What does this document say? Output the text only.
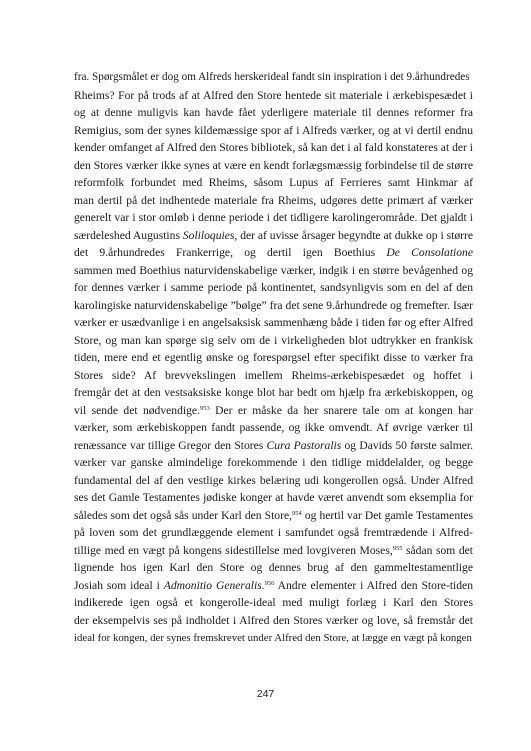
fra. Spørgsmålet er dog om Alfreds herskerideal fandt sin inspiration i det 9.århundredes
Rheims? For på trods af at Alfred den Store hentede sit materiale i ærkebispesædet i
og at denne muligvis kan havde fået yderligere materiale til dennes reformer fra
Remigius, som der synes kildemæssige spor af i Alfreds værker, og at vi dertil endnu
kender omfanget af Alfred den Stores bibliotek, så kan det i al fald konstateres at der i
den Stores værker ikke synes at være en kendt forlægsmæssig forbindelse til de større
reformfolk forbundet med Rheims, såsom Lupus af Ferrieres samt Hinkmar af
man dertil på det indhentede materiale fra Rheims, udgøres dette primært af værker
generelt var i stor omløb i denne periode i det tidligere karolingerområde. Det gjaldt i
særdeleshed Augustins Soliloquies, der af uvisse årsager begyndte at dukke op i større
det 9.århundredes Frankerrige, og dertil igen Boethius De Consolatione
sammen med Boethius naturvidenskabelige værker, indgik i en større bevågenhed og
for dennes værker i samme periode på kontinentet, sandsynligvis som en del af den
karolingiske naturvidenskabelige ”bølge” fra det sene 9.århundrede og fremefter. Især
værker er usædvanlige i en angelsaksisk sammenhæng både i tiden før og efter Alfred
Store, og man kan spørge sig selv om de i virkeligheden blot udtrykker en frankisk
tiden, mere end et egentlig ønske og forespørgsel efter specifikt disse to værker fra
Stores side? Af brevvekslingen imellem Rheims-ærkebispesædet og hoffet i
fremgår det at den vestsaksiske konge blot har bedt om hjælp fra ærkebiskoppen, og
vil sende det nødvendige.$^{953}$ Der er måske da her snarere tale om at kongen har
værker, som ærkebiskoppen fandt passende, og ikke omvendt. Af øvrige værker til
renæssance var tillige Gregor den Stores Cura Pastoralis og Davids 50 første salmer.
værker var ganske almindelige forekommende i den tidlige middelalder, og begge
fundamental del af den vestlige kirkes belæring udi kongerollen også. Under Alfred
ses det Gamle Testamentes jødiske konger at havde været anvendt som eksemplia for
således som det også sås under Karl den Store,$^{954}$ og hertil var Det gamle Testamentes
på loven som det grundlæggende element i samfundet også fremtrædende i Alfred-
tillige med en vægt på kongens sidestillelse med lovgiveren Moses,$^{955}$ sådan som det
lignende hos igen Karl den Store og dennes brug af den gammeltestamentlige
Josiah som ideal i Admonitio Generalis.$^{956}$ Andre elementer i Alfred den Store-tiden
indikerede igen også et kongerolle-ideal med muligt forlæg i Karl den Stores
der eksempelvis ses på indholdet i Alfred den Stores værker og love, så fremstår det
ideal for kongen, der synes fremskrevet under Alfred den Store, at lægge en vægt på kongen
247
